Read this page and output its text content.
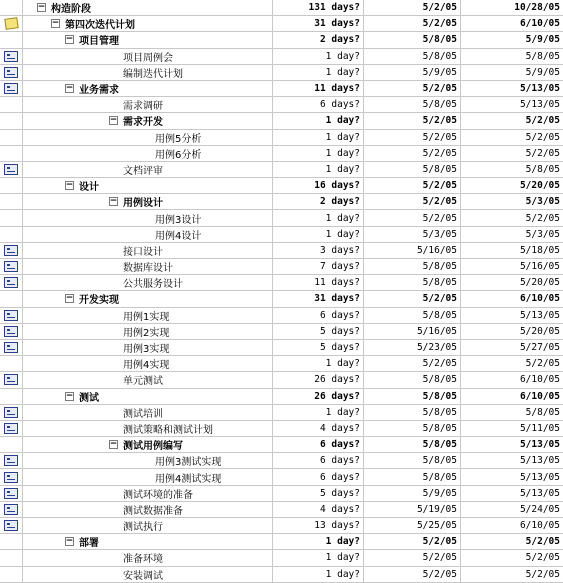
− 构造阶段	131 days?	5/2/05	10/28/05
− 第四次迭代计划	31 days?	5/2/05	6/10/05
− 项目管理	2 days?	5/8/05	5/9/05
项目周例会	1 day?	5/8/05	5/8/05
编制迭代计划	1 day?	5/9/05	5/9/05
− 业务需求	11 days?	5/2/05	5/13/05
需求调研	6 days?	5/8/05	5/13/05
− 需求开发	1 day?	5/2/05	5/2/05
用例5分析	1 day?	5/2/05	5/2/05
用例6分析	1 day?	5/2/05	5/2/05
文档评审	1 day?	5/8/05	5/8/05
− 设计	16 days?	5/2/05	5/20/05
− 用例设计	2 days?	5/2/05	5/3/05
用例3设计	1 day?	5/2/05	5/2/05
用例4设计	1 day?	5/3/05	5/3/05
接口设计	3 days?	5/16/05	5/18/05
数据库设计	7 days?	5/8/05	5/16/05
公共服务设计	11 days?	5/8/05	5/20/05
− 开发实现	31 days?	5/2/05	6/10/05
用例1实现	6 days?	5/8/05	5/13/05
用例2实现	5 days?	5/16/05	5/20/05
用例3实现	5 days?	5/23/05	5/27/05
用例4实现	1 day?	5/2/05	5/2/05
单元测试	26 days?	5/8/05	6/10/05
− 测试	26 days?	5/8/05	6/10/05
测试培训	1 day?	5/8/05	5/8/05
测试策略和测试计划	4 days?	5/8/05	5/11/05
− 测试用例编写	6 days?	5/8/05	5/13/05
用例3测试实现	6 days?	5/8/05	5/13/05
用例4测试实现	6 days?	5/8/05	5/13/05
测试环境的准备	5 days?	5/9/05	5/13/05
测试数据准备	4 days?	5/19/05	5/24/05
测试执行	13 days?	5/25/05	6/10/05
− 部署	1 day?	5/2/05	5/2/05
准备环境	1 day?	5/2/05	5/2/05
安装调试	1 day?	5/2/05	5/2/05
